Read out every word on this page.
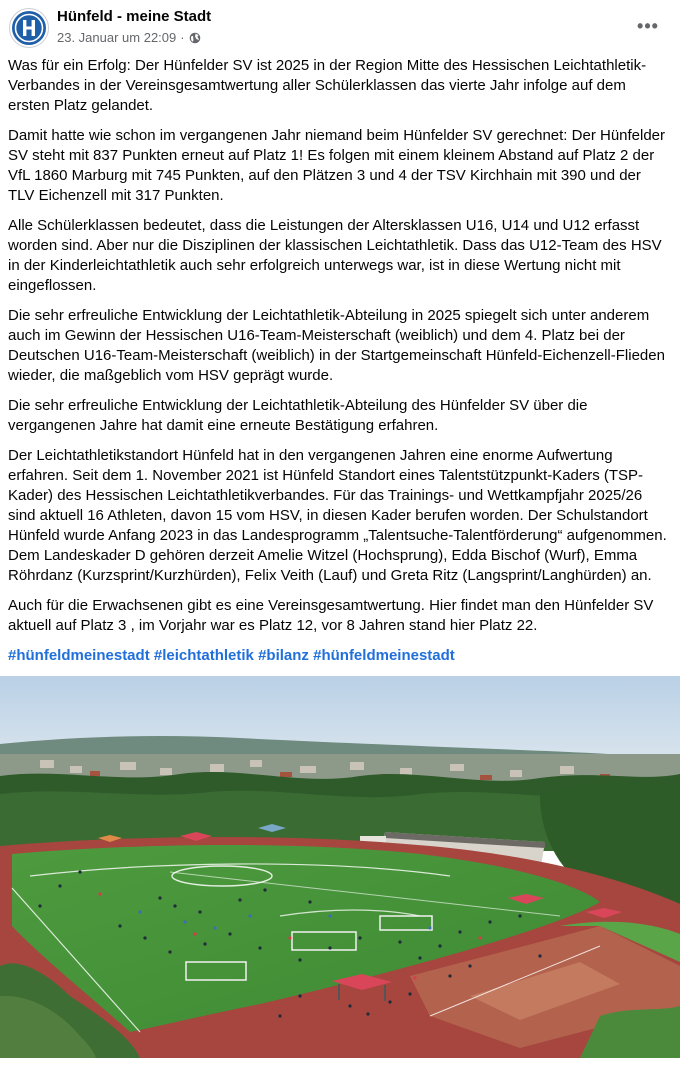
Hünfeld - meine Stadt
23. Januar um 22:09 ·
•••

Was für ein Erfolg: Der Hünfelder SV ist 2025 in der Region Mitte des Hessischen Leichtathletik-Verbandes in der Vereinsgesamtwertung aller Schülerklassen das vierte Jahr infolge auf dem ersten Platz gelandet.

Damit hatte wie schon im vergangenen Jahr niemand beim Hünfelder SV gerechnet: Der Hünfelder SV steht mit 837 Punkten erneut auf Platz 1! Es folgen mit einem kleinem Abstand auf Platz 2 der VfL 1860 Marburg mit 745 Punkten, auf den Plätzen 3 und 4 der TSV Kirchhain mit 390 und der TLV Eichenzell mit 317 Punkten.

Alle Schülerklassen bedeutet, dass die Leistungen der Altersklassen U16, U14 und U12 erfasst worden sind. Aber nur die Disziplinen der klassischen Leichtathletik. Dass das U12-Team des HSV in der Kinderleichtathletik auch sehr erfolgreich unterwegs war, ist in diese Wertung nicht mit eingeflossen.

Die sehr erfreuliche Entwicklung der Leichtathletik-Abteilung in 2025 spiegelt sich unter anderem auch im Gewinn der Hessischen U16-Team-Meisterschaft (weiblich) und dem 4. Platz bei der Deutschen U16-Team-Meisterschaft (weiblich) in der Startgemeinschaft Hünfeld-Eichenzell-Flieden wieder, die maßgeblich vom HSV geprägt wurde.

Die sehr erfreuliche Entwicklung der Leichtathletik-Abteilung des Hünfelder SV über die vergangenen Jahre hat damit eine erneute Bestätigung erfahren.

Der Leichtathletikstandort Hünfeld hat in den vergangenen Jahren eine enorme Aufwertung erfahren. Seit dem 1. November 2021 ist Hünfeld Standort eines Talentstützpunkt-Kaders (TSP-Kader) des Hessischen Leichtathletikverbandes. Für das Trainings- und Wettkampfjahr 2025/26 sind aktuell 16 Athleten, davon 15 vom HSV, in diesen Kader berufen worden. Der Schulstandort Hünfeld wurde Anfang 2023 in das Landesprogramm „Talentsuche-Talentförderung“ aufgenommen. Dem Landeskader D gehören derzeit Amelie Witzel (Hochsprung), Edda Bischof (Wurf), Emma Röhrdanz (Kurzsprint/Kurzhürden), Felix Veith (Lauf) und Greta Ritz (Langsprint/Langhürden) an.

Auch für die Erwachsenen gibt es eine Vereinsgesamtwertung. Hier findet man den Hünfelder SV aktuell auf Platz 3 , im Vorjahr war es Platz 12, vor 8 Jahren stand hier Platz 22.

#hünfeldmeinestadt #leichtathletik #bilanz #hünfeldmeinestadt
